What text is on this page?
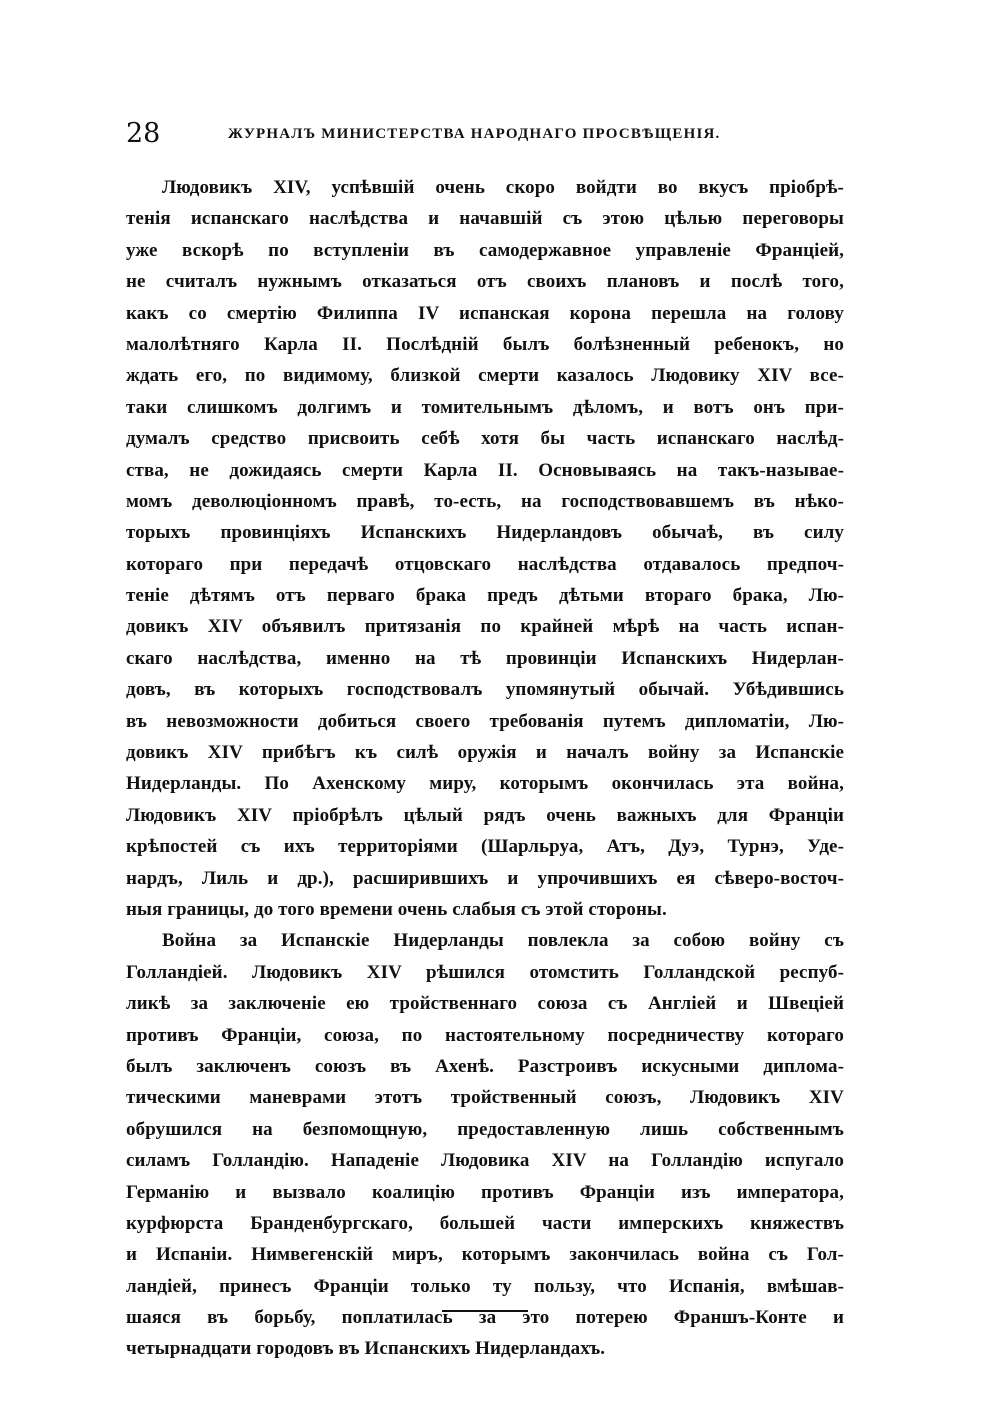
28	ЖУРНАЛЪ МИНИСТЕРСТВА НАРОДНАГО ПРОСВѢЩЕНІЯ.
Людовикъ XIV, успѣвшій очень скоро войдти во вкусъ пріобрѣ-
тенія испанскаго наслѣдства и начавшій съ этою цѣлью переговоры
уже вскорѣ по вступленіи въ самодержавное управленіе Франціей,
не считалъ нужнымъ отказаться отъ своихъ плановъ и послѣ того,
какъ со смертію Филиппа IV испанская корона перешла на голову
малолѣтняго Карла II. Послѣдній былъ болѣзненный ребенокъ, но
ждать его, по видимому, близкой смерти казалось Людовику XIV все-
таки слишкомъ долгимъ и томительнымъ дѣломъ, и вотъ онъ при-
думалъ средство присвоить себѣ хотя бы часть испанскаго наслѣд-
ства, не дожидаясь смерти Карла II. Основываясь на такъ-называе-
момъ деволюціонномъ правѣ, то-есть, на господствовавшемъ въ нѣко-
торыхъ провинціяхъ Испанскихъ Нидерландовъ обычаѣ, въ силу
котораго при передачѣ отцовскаго наслѣдства отдавалось предпоч-
теніе дѣтямъ отъ перваго брака предъ дѣтьми втораго брака, Лю-
довикъ XIV объявилъ притязанія по крайней мѣрѣ на часть испан-
скаго наслѣдства, именно на тѣ провинціи Испанскихъ Нидерлан-
довъ, въ которыхъ господствовалъ упомянутый обычай. Убѣдившись
въ невозможности добиться своего требованія путемъ дипломатіи, Лю-
довикъ XIV прибѣгъ къ силѣ оружія и началъ войну за Испанскіе
Нидерланды. По Ахенскому миру, которымъ окончилась эта война,
Людовикъ XIV пріобрѣлъ цѣлый рядъ очень важныхъ для Франціи
крѣпостей съ ихъ территоріями (Шарльруа, Атъ, Дуэ, Турнэ, Уде-
нардъ, Лиль и др.), расширившихъ и упрочившихъ ея сѣверо-восточ-
ныя границы, до того времени очень слабыя съ этой стороны.
Война за Испанскіе Нидерланды повлекла за собою войну съ
Голландіей. Людовикъ XIV рѣшился отомстить Голландской респуб-
ликѣ за заключеніе ею тройственнаго союза съ Англіей и Швеціей
противъ Франціи, союза, по настоятельному посредничеству котораго
былъ заключенъ союзъ въ Ахенѣ. Разстроивъ искусными диплома-
тическими маневрами этотъ тройственный союзъ, Людовикъ XIV
обрушился на безпомощную, предоставленную лишь собственнымъ
силамъ Голландію. Нападеніе Людовика XIV на Голландію испугало
Германію и вызвало коалицію противъ Франціи изъ императора,
курфюрста Бранденбургскаго, большей части имперскихъ княжествъ
и Испаніи. Нимвегенскій миръ, которымъ закончилась война съ Гол-
ландіей, принесъ Франціи только ту пользу, что Испанія, вмѣшав-
шаяся въ борьбу, поплатилась за это потерею Франшъ-Конте и
четырнадцати городовъ въ Испанскихъ Нидерландахъ.
